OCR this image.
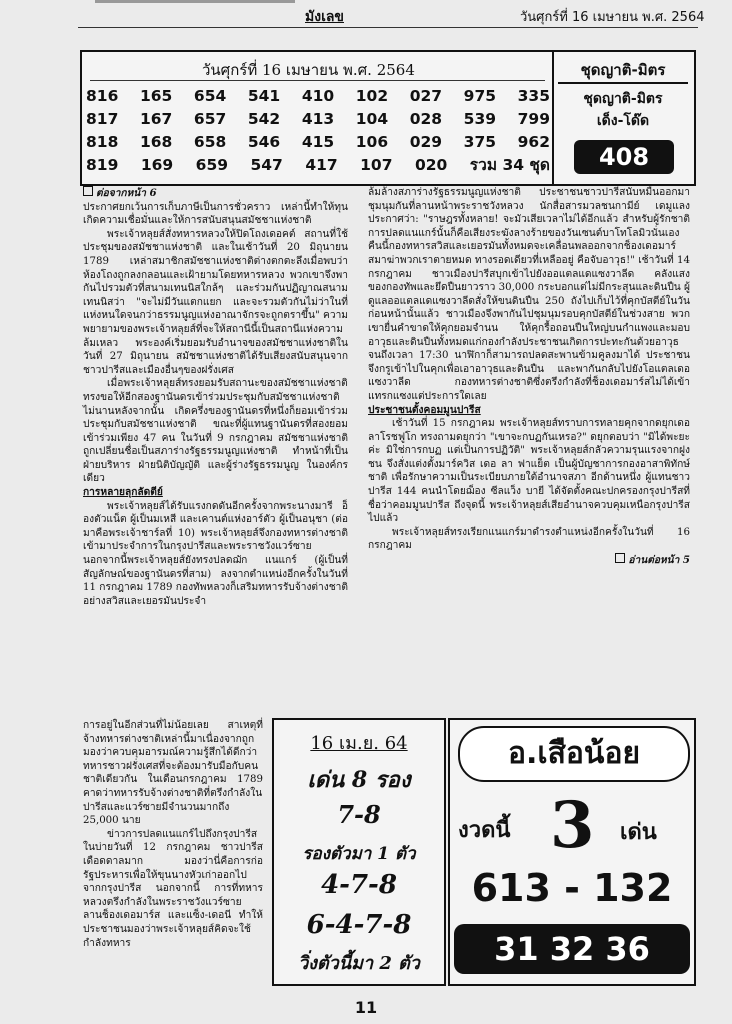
มังเลข	วันศุกร์ที่ 16 เมษายน พ.ศ. 2564
วันศุกร์ที่ 16 เมษายน พ.ศ. 2564
816 165 654 541 410 102 027 975 335
817 167 657 542 413 104 028 539 799
818 168 658 546 415 106 029 375 962
819 169 659 547 417 107 020 รวม 34 ชุด
ชุดญาติ-มิตร
ชุดญาติ-มิตร
เด็ง-โด๊ด
408

ต่อจากหน้า 6

ประกาศยกเว้นการเก็บภาษีเป็นการชั่วคราว เหล่านี้ทำให้ทุนเกิดความเชื่อมั่นและให้การสนับสนุนสมัชชาแห่งชาติ

พระเจ้าหลุยส์สั่งทหารหลวงให้ปิดโถงเดอคต์ สถานที่ใช้ประชุมของสมัชชาแห่งชาติ และในเช้าวันที่ 20 มิถุนายน 1789 เหล่าสมาชิกสมัชชาแห่งชาติต่างตกตะลึงเมื่อพบว่าห้องโถงถูกลงกลอนและเฝ้ายามโดยทหารหลวง พวกเขาจึงพากันไปรวมตัวที่สนามเทนนิสใกล้ๆ และร่วมกันปฏิญาณสนามเทนนิสว่า "จะไม่มีวันแตกแยก และจะรวมตัวกันไม่ว่าในที่แห่งหนใดจนกว่าธรรมนูญแห่งอาณาจักรจะถูกตราขึ้น" ความพยายามของพระเจ้าหลุยส์ที่จะให้สถานีนี้เป็นสถานีแห่งความล้มเหลว พระองค์เริ่มยอมรับอำนาจของสมัชชาแห่งชาติใน วันที่ 27 มิถุนายน สมัชชาแห่งชาติได้รับเสียงสนับสนุนจากชาวปารีสและเมืองอื่นๆของฝรั่งเศส

เมื่อพระเจ้าหลุยส์ทรงยอมรับสถานะของสมัชชาแห่งชาติ ทรงขอให้อีกสองฐานันดรเข้าร่วมประชุมกับสมัชชาแห่งชาติ ไม่นานหลังจากนั้น เกิดครึ่งของฐานันดรที่หนึ่งก็ยอมเข้าร่วมประชุมกับสมัชชาแห่งชาติ ขณะที่ผู้แทนฐานันดรที่สองยอมเข้าร่วมเพียง 47 คน ในวันที่ 9 กรกฎาคม สมัชชาแห่งชาติถูกเปลี่ยนชื่อเป็นสภาร่างรัฐธรรมนูญแห่งชาติ ทำหน้าที่เป็นฝ่ายบริหาร ฝ่ายนิติบัญญัติ และผู้ร่างรัฐธรรมนูญ ในองค์กรเดียว

การหลายลุกลัดตีย์

พระเจ้าหลุยส์ได้รับแรงกดดันอีกครั้งจากพระนางมารี อ็องตัวแน็ต ผู้เป็นมเหสี และเคานต์แห่งอาร์ตัว ผู้เป็นอนุชา (ต่อมาคือพระเจ้าชาร์ลที่ 10) พระเจ้าหลุยส์จึงกองทหารต่างชาติเข้ามาประจำการในกรุงปารีสและพระราชวังแวร์ซาย นอกจากนี้พระเจ้าหลุยส์ยังทรงปลดฌัก แนแกร์ (ผู้เป็นที่สัญลักษณ์ของฐานันดรที่สาม) ลงจากตำแหน่งอีกครั้งในวันที่ 11 กรกฎาคม 1789 กองทัพหลวงก็เสริมทหารรับจ้างต่างชาติอย่างสวิสและเยอรมันประจำ

ล้มล้างสภาร่างรัฐธรรมนูญแห่งชาติ ประชาชนชาวปารีสนับหมื่นออกมาชุมนุมกันที่ลานหน้าพระราชวังหลวง นักสื่อสารมวลชนกามีย์ เดมูแลง ประกาศว่า: "ราษฎรทั้งหลาย! จะมัวเสียเวลาไม่ได้อีกแล้ว สำหรับผู้รักชาติ การปลดแนแกร์นั้นก็คือเสียงระฆังลางร้ายของวันเซนต์บาโทโลมิวนั่นเอง คืนนี้กองทหารสวิสและเยอรมันทั้งหมดจะเคลื่อนพลออกจากช็องเดอมาร์สมาฆ่าพวกเราตายหมด ทางรอดเดียวที่เหลืออยู่ คือจับอาวุธ!" เช้าวันที่ 14 กรกฎาคม ชาวเมืองปารีสบุกเข้าไปยังออแตลแดแซงวาลีด คลังแสงของกองทัพและยึดปืนยาวราว 30,000 กระบอกแต่ไม่มีกระสุนและดินปืน ผู้ดูแลออแตลแดแซงวาลีดสั่งให้ขนดินปืน 250 ถังไปเก็บไว้ที่คุกบัสตีย์ในวันก่อนหน้านั้นแล้ว ชาวเมืองจึงพากันไปชุมนุมรอบคุกบัสตีย์ในช่วงสาย พวกเขายื่นคำขาดให้คุกยอมจำนน ให้คุกรื้อถอนปืนใหญ่บนกำแพงและมอบอาวุธและดินปืนทั้งหมดแก่กองกำลังประชาชนเกิดการปะทะกันด้วยอาวุธจนถึงเวลา 17:30 นาฬิกาก็สามารถปลดสะพานข้ามคูลงมาได้ ประชาชนจึงกรูเข้าไปในคุกเพื่อเอาอาวุธและดินปืน และพากันกลับไปยังโอแตลเดอแซงวาลีด กองทหารต่างชาติซึ่งตรึงกำลังที่ช็องเดอมาร์สไม่ได้เข้าแทรกแซงแต่ประการใดเลย

ประชาชนตั้งคอมมูนปารีส

เช้าวันที่ 15 กรกฎาคม พระเจ้าหลุยส์ทราบการทลายคุกจากดยุกเดอลาโรชฟูโก ทรงถามดยุกว่า "เขาจะกบฏกันเหรอ?" ดยุกตอบว่า "มิได้พะยะค่ะ มิใช่การกบฏ แต่เป็นการปฏิวัติ" พระเจ้าหลุยส์กลัวความรุนแรงจากฝูงชน จึงสั่งแต่งตั้งมาร์ควิส เดอ ลา ฟาแย็ต เป็นผู้บัญชาการกองอาสาพิทักษ์ชาติ เพื่อรักษาความเป็นระเบียบภายใต้อำนาจสภา อีกด้านหนึ่ง ผู้แทนชาวปารีส 144 คนนำโดยฌ็อง ซีลแว็ง บายี ได้จัดตั้งคณะปกครองกรุงปารีสที่ชื่อว่าคอมมูนปารีส ถึงจุดนี้ พระเจ้าหลุยส์เสียอำนาจควบคุมเหนือกรุงปารีสไปแล้ว

พระเจ้าหลุยส์ทรงเรียกแนแกร์มาดำรงตำแหน่งอีกครั้งในวันที่ 16 กรกฎาคม

อ่านต่อหน้า 5

การอยู่ในอีกส่วนที่ไม่น้อยเลย สาเหตุที่จ้างทหารต่างชาติเหล่านี้มาเนื่องจากถูกมองว่าควบคุมอารมณ์ความรู้สึกได้ดีกว่าทหารชาวฝรั่งเศสที่จะต้องมารับมือกับคนชาติเดียวกัน ในเดือนกรกฎาคม 1789 คาดว่าทหารรับจ้างต่างชาติที่ตรึงกำลังในปารีสและแวร์ซายมีจำนวนมากถึง 25,000 นาย

ข่าวการปลดแนแกร์ไปถึงกรุงปารีสในบ่ายวันที่ 12 กรกฎาคม ชาวปารีสเดือดดาลมาก มองว่านี่คือการก่อรัฐประหารเพื่อให้ขุนนางหัวเก่าออกไปจากกรุงปารีส นอกจากนี้ การที่ทหารหลวงตรึงกำลังในพระราชวังแวร์ซาย ลานช็องเดอมาร์ส และแซ็ง-เดอนี ทำให้ประชาชนมองว่าพระเจ้าหลุยส์คิดจะใช้กำลังทหาร

16 เม.ย. 64
เด่น 8 รอง
7-8
รองตัวมา 1 ตัว
4-7-8
6-4-7-8
วิ่งตัวนี้มา 2 ตัว
อ.เสือน้อย
งวดนี้ 3 เด่น
613 - 132
31 32 36
11
